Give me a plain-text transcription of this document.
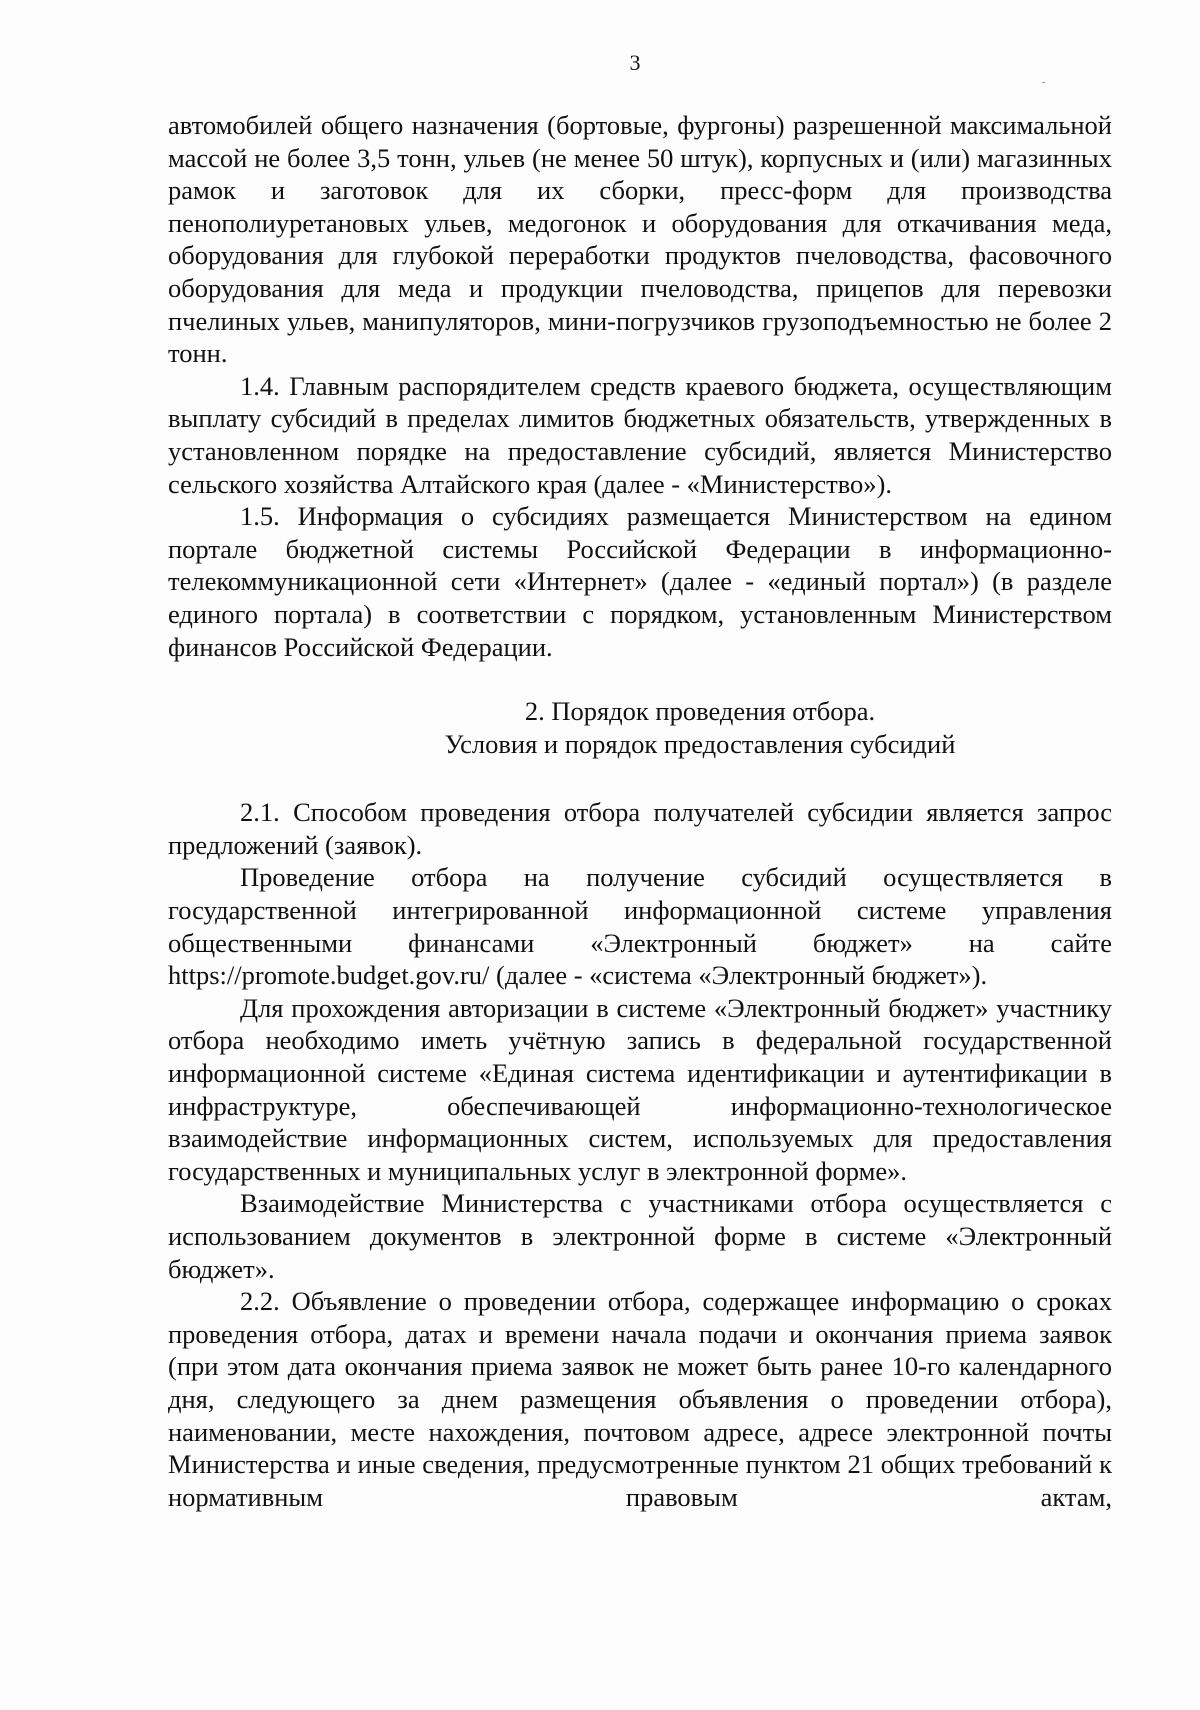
3

автомобилей общего назначения (бортовые, фургоны) разрешенной максимальной массой не более 3,5 тонн, ульев (не менее 50 штук), корпусных и (или) магазинных рамок и заготовок для их сборки, пресс-форм для производства пенополиуретановых ульев, медогонок и оборудования для откачивания меда, оборудования для глубокой переработки продуктов пчеловодства, фасовочного оборудования для меда и продукции пчеловодства, прицепов для перевозки пчелиных ульев, манипуляторов, мини-погрузчиков грузоподъемностью не более 2 тонн.

1.4. Главным распорядителем средств краевого бюджета, осуществляющим выплату субсидий в пределах лимитов бюджетных обязательств, утвержденных в установленном порядке на предоставление субсидий, является Министерство сельского хозяйства Алтайского края (далее - «Министерство»).

1.5. Информация о субсидиях размещается Министерством на едином портале бюджетной системы Российской Федерации в информационно-телекоммуникационной сети «Интернет» (далее - «единый портал») (в разделе единого портала) в соответствии с порядком, установленным Министерством финансов Российской Федерации.

2. Порядок проведения отбора.

Условия и порядок предоставления субсидий

2.1. Способом проведения отбора получателей субсидии является запрос предложений (заявок).

Проведение отбора на получение субсидий осуществляется в государственной интегрированной информационной системе управления общественными финансами «Электронный бюджет» на сайте https://promote.budget.gov.ru/ (далее - «система «Электронный бюджет»).

Для прохождения авторизации в системе «Электронный бюджет» участнику отбора необходимо иметь учётную запись в федеральной государственной информационной системе «Единая система идентификации и аутентификации в инфраструктуре, обеспечивающей информационно-технологическое взаимодействие информационных систем, используемых для предоставления государственных и муниципальных услуг в электронной форме».

Взаимодействие Министерства с участниками отбора осуществляется с использованием документов в электронной форме в системе «Электронный бюджет».

2.2. Объявление о проведении отбора, содержащее информацию о сроках проведения отбора, датах и времени начала подачи и окончания приема заявок (при этом дата окончания приема заявок не может быть ранее 10-го календарного дня, следующего за днем размещения объявления о проведении отбора), наименовании, месте нахождения, почтовом адресе, адресе электронной почты Министерства и иные сведения, предусмотренные пунктом 21 общих требований к нормативным правовым актам,
